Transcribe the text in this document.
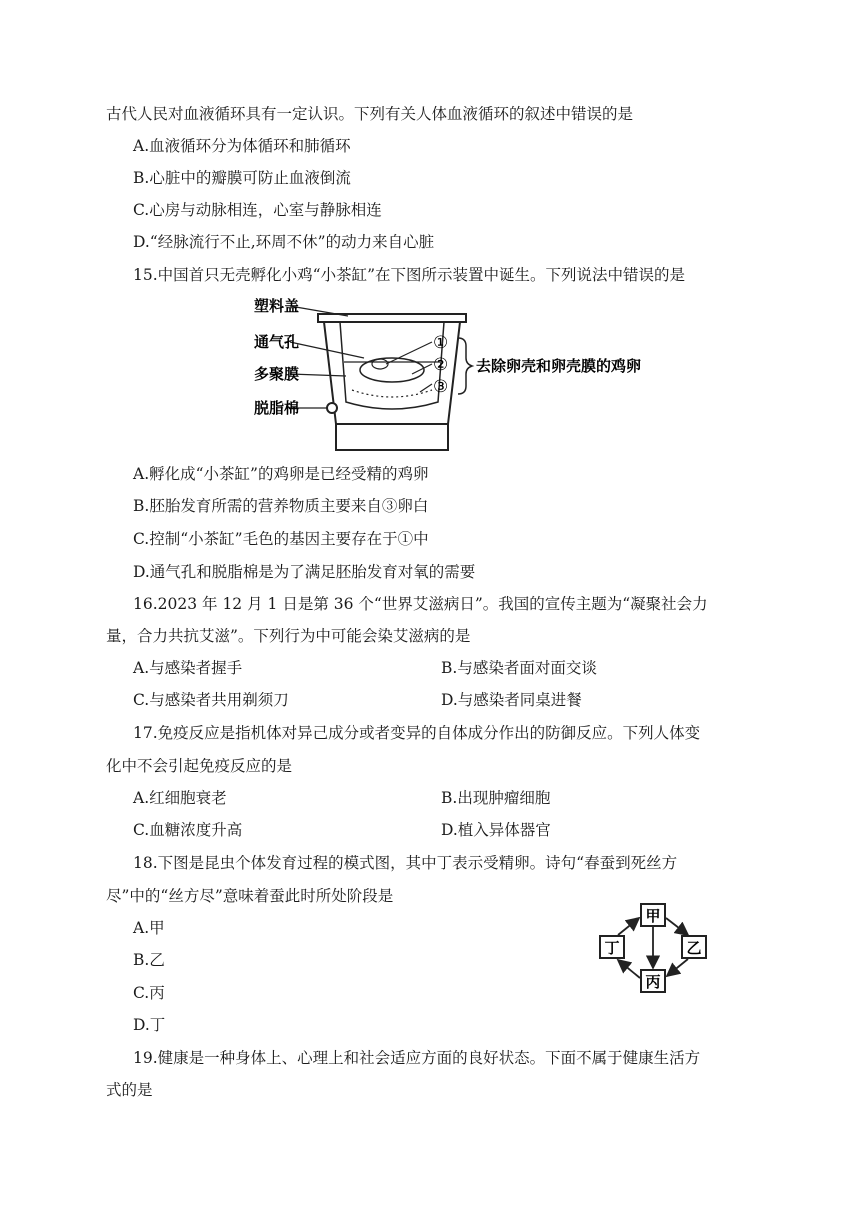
古代人民对血液循环具有一定认识。下列有关人体血液循环的叙述中错误的是
A.血液循环分为体循环和肺循环
B.心脏中的瓣膜可防止血液倒流
C.心房与动脉相连，心室与静脉相连
D.“经脉流行不止,环周不休”的动力来自心脏
15.中国首只无壳孵化小鸡“小茶缸”在下图所示装置中诞生。下列说法中错误的是
塑料盖
通气孔
多聚膜
脱脂棉
①
②
③
去除卵壳和卵壳膜的鸡卵
A.孵化成“小茶缸”的鸡卵是已经受精的鸡卵
B.胚胎发育所需的营养物质主要来自③卵白
C.控制“小茶缸”毛色的基因主要存在于①中
D.通气孔和脱脂棉是为了满足胚胎发育对氧的需要
16.2023 年 12 月 1 日是第 36 个“世界艾滋病日”。我国的宣传主题为“凝聚社会力
量，合力共抗艾滋”。下列行为中可能会染艾滋病的是
A.与感染者握手	B.与感染者面对面交谈
C.与感染者共用剃须刀	D.与感染者同桌进餐
17.免疫反应是指机体对异己成分或者变异的自体成分作出的防御反应。下列人体变
化中不会引起免疫反应的是
A.红细胞衰老	B.出现肿瘤细胞
C.血糖浓度升高	D.植入异体器官
18.下图是昆虫个体发育过程的模式图，其中丁表示受精卵。诗句“春蚕到死丝方
尽”中的“丝方尽”意味着蚕此时所处阶段是
A.甲
B.乙
C.丙
D.丁
甲
丁	乙
丙
19.健康是一种身体上、心理上和社会适应方面的良好状态。下面不属于健康生活方
式的是
